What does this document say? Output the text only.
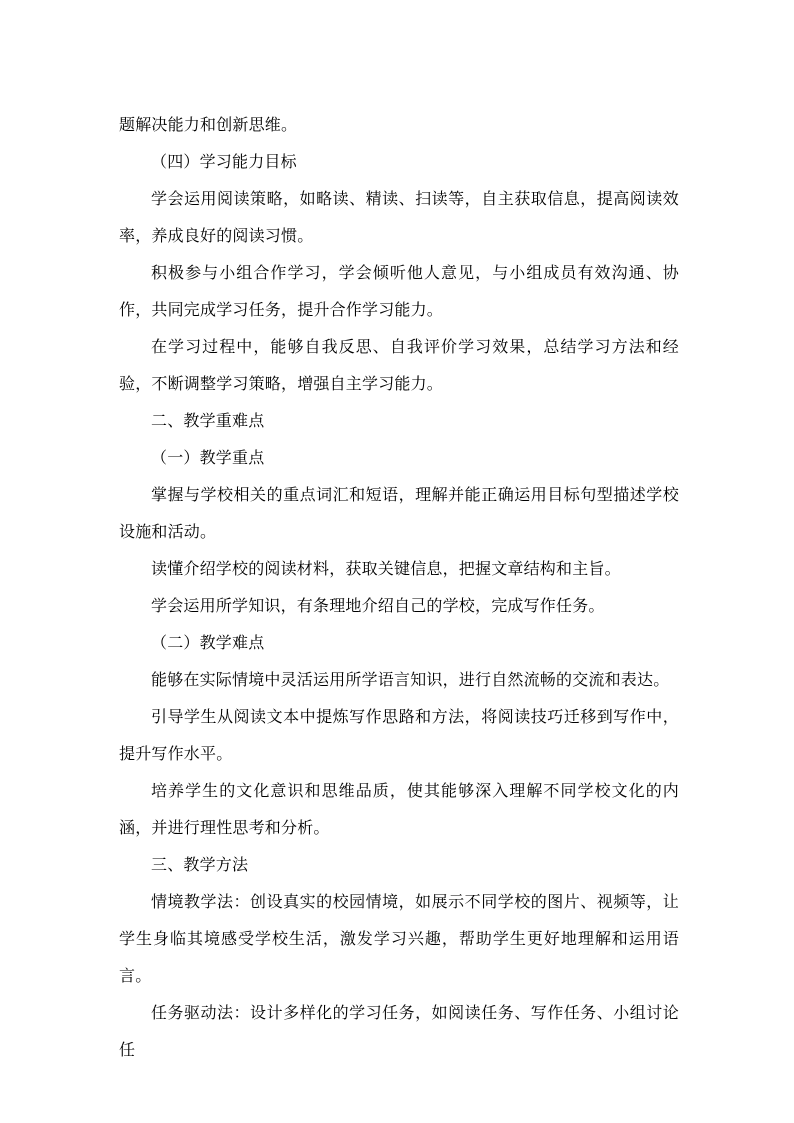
题解决能力和创新思维。

（四）学习能力目标

学会运用阅读策略，如略读、精读、扫读等，自主获取信息，提高阅读效率，养成良好的阅读习惯。

积极参与小组合作学习，学会倾听他人意见，与小组成员有效沟通、协作，共同完成学习任务，提升合作学习能力。

在学习过程中，能够自我反思、自我评价学习效果，总结学习方法和经验，不断调整学习策略，增强自主学习能力。

二、教学重难点

（一）教学重点

掌握与学校相关的重点词汇和短语，理解并能正确运用目标句型描述学校设施和活动。

读懂介绍学校的阅读材料，获取关键信息，把握文章结构和主旨。

学会运用所学知识，有条理地介绍自己的学校，完成写作任务。

（二）教学难点

能够在实际情境中灵活运用所学语言知识，进行自然流畅的交流和表达。

引导学生从阅读文本中提炼写作思路和方法，将阅读技巧迁移到写作中，提升写作水平。

培养学生的文化意识和思维品质，使其能够深入理解不同学校文化的内涵，并进行理性思考和分析。

三、教学方法

情境教学法：创设真实的校园情境，如展示不同学校的图片、视频等，让学生身临其境感受学校生活，激发学习兴趣，帮助学生更好地理解和运用语言。

任务驱动法：设计多样化的学习任务，如阅读任务、写作任务、小组讨论任
